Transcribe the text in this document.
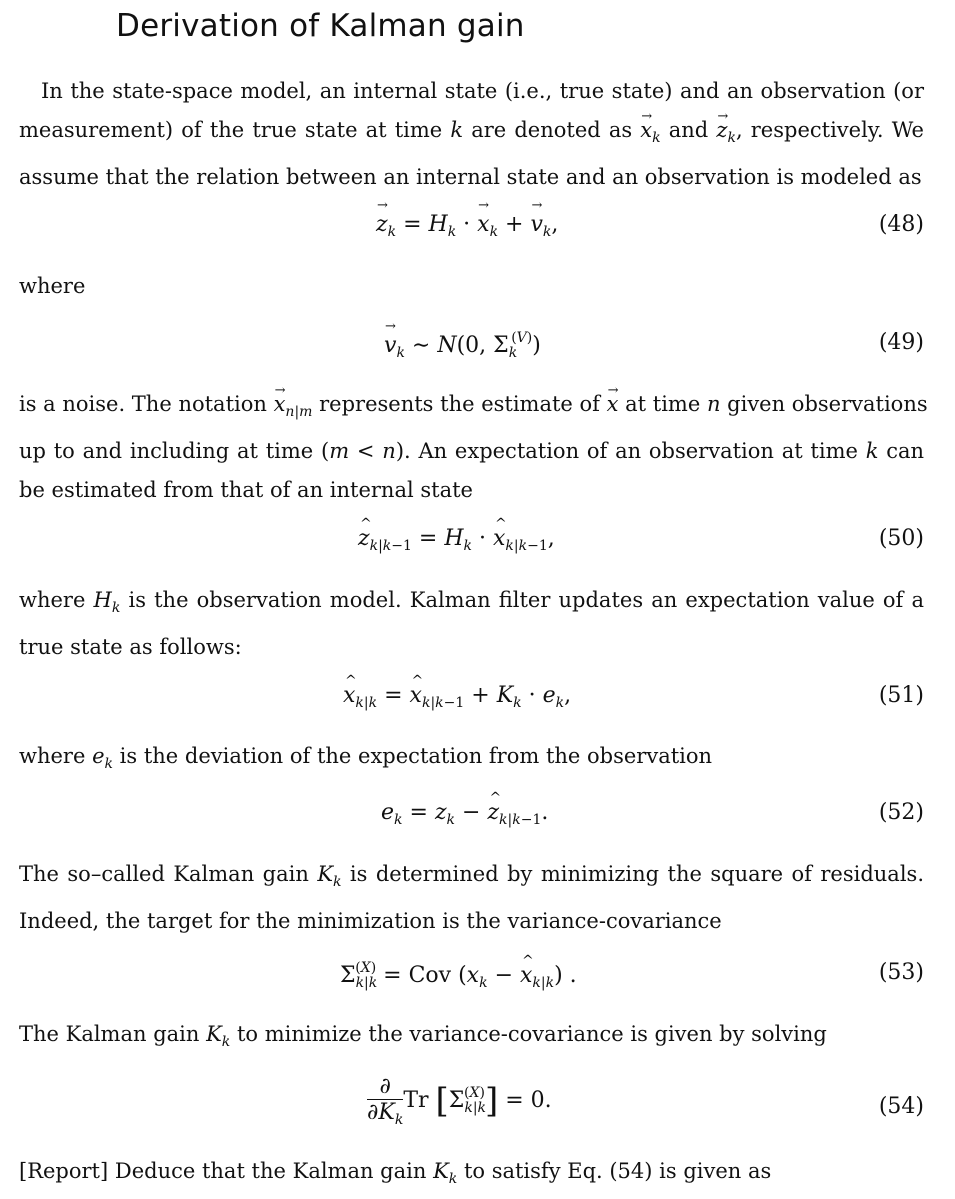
Derivation of Kalman gain
In the state-space model, an internal state (i.e., true state) and an observation (or
measurement) of the true state at time k are denoted as → $x_k$ and → $z_k$, respectively. We
assume that the relation between an internal state and an observation is modeled as
→ $z_k = H_k$ · → $x_k$ + → $v_k$,	(48)
where
→ $v_k$ ∼ N(0, $\Sigma_k^{(V)}$)	(49)
is a noise. The notation → $x_{n|m}$ represents the estimate of → x at time n given observations
up to and including at time (m < n). An expectation of an observation at time k can
be estimated from that of an internal state
^ $z_{k|k-1} = H_k$ · ^ $x_{k|k-1}$,	(50)
where $H_k$ is the observation model. Kalman filter updates an expectation value of a
true state as follows:
^ $x_{k|k}$ = ^ $x_{k|k-1} + K_k \cdot e_k$,	(51)
where $e_k$ is the deviation of the expectation from the observation
$e_k = z_k$ − ^ $z_{k|k-1}$.	(52)
The so–called Kalman gain $K_k$ is determined by minimizing the square of residuals.
Indeed, the target for the minimization is the variance-covariance
$\Sigma_{k|k}^{(X)}$ = Cov ($x_k$ − ^ $x_{k|k}$) .	(53)
The Kalman gain $K_k$ to minimize the variance-covariance is given by solving
$\frac{\partial}{\partial K_k}$ Tr $[\Sigma_{k|k}^{(X)}] = 0$.	(54)
[Report] Deduce that the Kalman gain $K_k$ to satisfy Eq. (54) is given as
